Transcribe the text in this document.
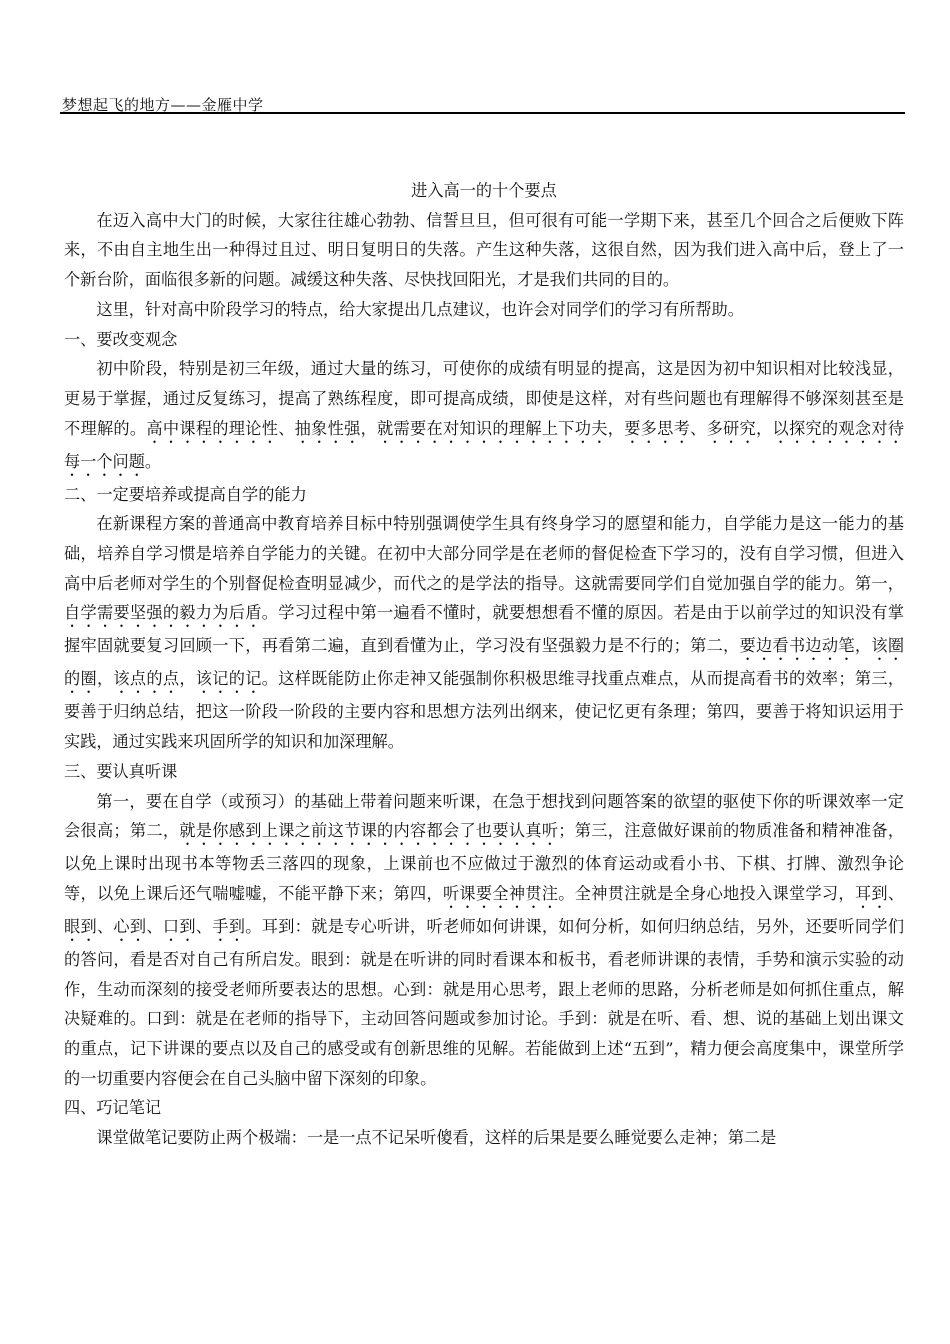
梦想起飞的地方——金雁中学
进入高一的十个要点

在迈入高中大门的时候，大家往往雄心勃勃、信誓旦旦，但可很有可能一学期下来，甚至几个回合之后便败下阵来，不由自主地生出一种得过且过、明日复明日的失落。产生这种失落，这很自然，因为我们进入高中后，登上了一个新台阶，面临很多新的问题。减缓这种失落、尽快找回阳光，才是我们共同的目的。

这里，针对高中阶段学习的特点，给大家提出几点建议，也许会对同学们的学习有所帮助。

一、要改变观念

初中阶段，特别是初三年级，通过大量的练习，可使你的成绩有明显的提高，这是因为初中知识相对比较浅显，更易于掌握，通过反复练习，提高了熟练程度，即可提高成绩，即使是这样，对有些问题也有理解得不够深刻甚至是不理解的。高中课程的理论性、抽象性强，就需要在对知识的理解上下功夫，要多思考、多研究，以探究的观念对待每一个问题。

二、一定要培养或提高自学的能力

在新课程方案的普通高中教育培养目标中特别强调使学生具有终身学习的愿望和能力，自学能力是这一能力的基础，培养自学习惯是培养自学能力的关键。在初中大部分同学是在老师的督促检查下学习的，没有自学习惯，但进入高中后老师对学生的个别督促检查明显减少，而代之的是学法的指导。这就需要同学们自觉加强自学的能力。第一，自学需要坚强的毅力为后盾。学习过程中第一遍看不懂时，就要想想看不懂的原因。若是由于以前学过的知识没有掌握牢固就要复习回顾一下，再看第二遍，直到看懂为止，学习没有坚强毅力是不行的；第二，要边看书边动笔，该圈的圈，该点的点，该记的记。这样既能防止你走神又能强制你积极思维寻找重点难点，从而提高看书的效率；第三，要善于归纳总结，把这一阶段一阶段的主要内容和思想方法列出纲来，使记忆更有条理；第四，要善于将知识运用于实践，通过实践来巩固所学的知识和加深理解。

三、要认真听课

第一，要在自学（或预习）的基础上带着问题来听课，在急于想找到问题答案的欲望的驱使下你的听课效率一定会很高；第二，就是你感到上课之前这节课的内容都会了也要认真听；第三，注意做好课前的物质准备和精神准备，以免上课时出现书本等物丢三落四的现象，上课前也不应做过于激烈的体育运动或看小书、下棋、打牌、激烈争论等，以免上课后还气喘嘘嘘，不能平静下来；第四，听课要全神贯注。全神贯注就是全身心地投入课堂学习，耳到、眼到、心到、口到、手到。耳到：就是专心听讲，听老师如何讲课，如何分析，如何归纳总结，另外，还要听同学们的答问，看是否对自己有所启发。眼到：就是在听讲的同时看课本和板书，看老师讲课的表情，手势和演示实验的动作，生动而深刻的接受老师所要表达的思想。心到：就是用心思考，跟上老师的思路，分析老师是如何抓住重点，解决疑难的。口到：就是在老师的指导下，主动回答问题或参加讨论。手到：就是在听、看、想、说的基础上划出课文的重点，记下讲课的要点以及自己的感受或有创新思维的见解。若能做到上述“五到”，精力便会高度集中，课堂所学的一切重要内容便会在自己头脑中留下深刻的印象。

四、巧记笔记

课堂做笔记要防止两个极端：一是一点不记呆听傻看，这样的后果是要么睡觉要么走神；第二是
